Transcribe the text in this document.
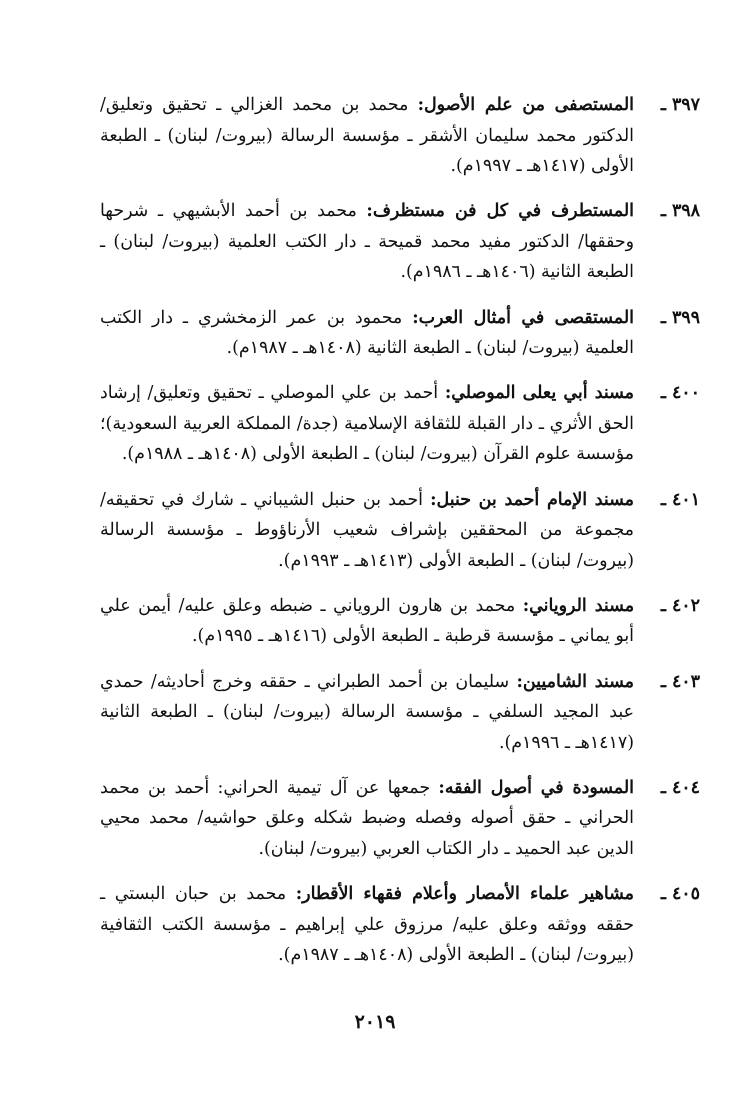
٣٩٧ ـ
المستصفى من علم الأصول: محمد بن محمد الغزالي ـ تحقيق وتعليق/ الدكتور محمد سليمان الأشقر ـ مؤسسة الرسالة (بيروت/ لبنان) ـ الطبعة الأولى (١٤١٧هـ ـ ١٩٩٧م).
٣٩٨ ـ
المستطرف في كل فن مستظرف: محمد بن أحمد الأبشيهي ـ شرحها وحققها/ الدكتور مفيد محمد قميحة ـ دار الكتب العلمية (بيروت/ لبنان) ـ الطبعة الثانية (١٤٠٦هـ ـ ١٩٨٦م).
٣٩٩ ـ
المستقصى في أمثال العرب: محمود بن عمر الزمخشري ـ دار الكتب العلمية (بيروت/ لبنان) ـ الطبعة الثانية (١٤٠٨هـ ـ ١٩٨٧م).
٤٠٠ ـ
مسند أبي يعلى الموصلي: أحمد بن علي الموصلي ـ تحقيق وتعليق/ إرشاد الحق الأثري ـ دار القبلة للثقافة الإسلامية (جدة/ المملكة العربية السعودية)؛ مؤسسة علوم القرآن (بيروت/ لبنان) ـ الطبعة الأولى (١٤٠٨هـ ـ ١٩٨٨م).
٤٠١ ـ
مسند الإمام أحمد بن حنبل: أحمد بن حنبل الشيباني ـ شارك في تحقيقه/ مجموعة من المحققين بإشراف شعيب الأرناؤوط ـ مؤسسة الرسالة (بيروت/ لبنان) ـ الطبعة الأولى (١٤١٣هـ ـ ١٩٩٣م).
٤٠٢ ـ
مسند الروياني: محمد بن هارون الروياني ـ ضبطه وعلق عليه/ أيمن علي أبو يماني ـ مؤسسة قرطبة ـ الطبعة الأولى (١٤١٦هـ ـ ١٩٩٥م).
٤٠٣ ـ
مسند الشاميين: سليمان بن أحمد الطبراني ـ حققه وخرج أحاديثه/ حمدي عبد المجيد السلفي ـ مؤسسة الرسالة (بيروت/ لبنان) ـ الطبعة الثانية (١٤١٧هـ ـ ١٩٩٦م).
٤٠٤ ـ
المسودة في أصول الفقه: جمعها عن آل تيمية الحراني: أحمد بن محمد الحراني ـ حقق أصوله وفصله وضبط شكله وعلق حواشيه/ محمد محيي الدين عبد الحميد ـ دار الكتاب العربي (بيروت/ لبنان).
٤٠٥ ـ
مشاهير علماء الأمصار وأعلام فقهاء الأقطار: محمد بن حبان البستي ـ حققه ووثقه وعلق عليه/ مرزوق علي إبراهيم ـ مؤسسة الكتب الثقافية (بيروت/ لبنان) ـ الطبعة الأولى (١٤٠٨هـ ـ ١٩٨٧م).
٢٠١٩
